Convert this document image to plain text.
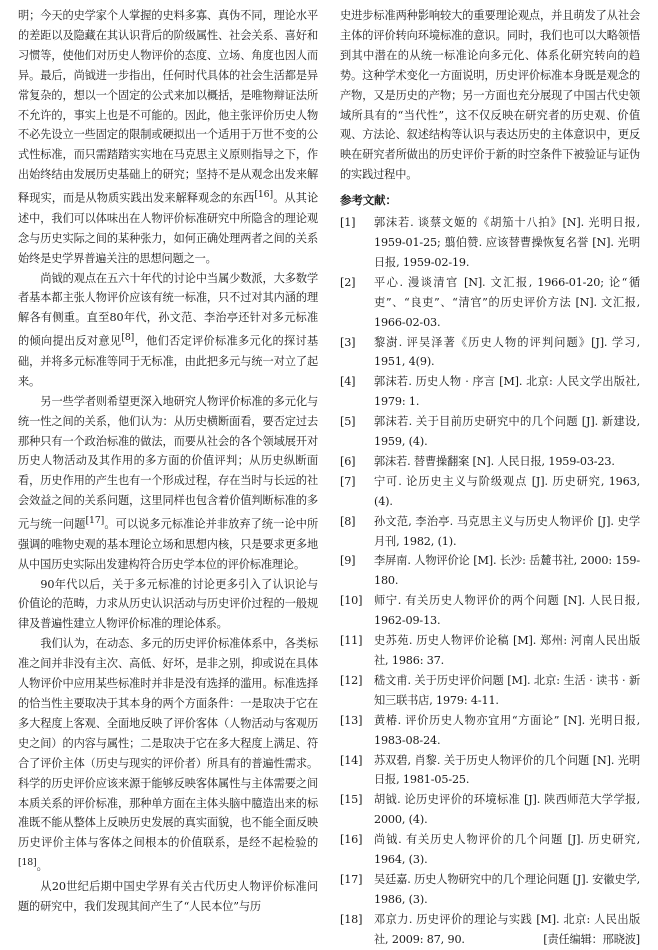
明；今天的史学家个人掌握的史料多寡、真伪不同，理论水平的差距以及隐藏在其认识背后的阶级属性、社会关系、喜好和习惯等，使他们对历史人物评价的态度、立场、角度也因人而异。最后，尚钺进一步指出，任何时代具体的社会生活都是异常复杂的，想以一个固定的公式来加以概括，是唯物辩证法所不允许的，事实上也是不可能的。因此，他主张评价历史人物不必先设立一些固定的限制或硬拟出一个适用于万世不变的公式性标准，而只需踏踏实实地在马克思主义原则指导之下，作出始终结由发展历史基础上的研究；坚持不是从观念出发来解释现实，而是从物质实践出发来解释观念的东西[16]。从其论述中，我们可以体味出在人物评价标准研究中所隐含的理论观念与历史实际之间的某种张力，如何正确处理两者之间的关系始终是史学界普遍关注的思想问题之一。

尚钺的观点在五六十年代的讨论中当属少数派，大多数学者基本都主张人物评价应该有统一标准，只不过对其内涵的理解各有侧重。直至80年代，孙文范、李治亭还针对多元标准的倾向提出反对意见[8]，他们否定评价标准多元化的探讨基础，并将多元标准等同于无标准，由此把多元与统一对立了起来。

另一些学者则希望更深入地研究人物评价标准的多元化与统一性之间的关系，他们认为：从历史横断面看，要否定过去那种只有一个政治标准的做法，而要从社会的各个领域展开对历史人物活动及其作用的多方面的价值评判；从历史纵断面看，历史作用的产生也有一个形成过程，存在当时与长远的社会效益之间的关系问题，这里同样也包含着价值判断标准的多元与统一问题[17]。可以说多元标准论并非放弃了统一论中所强调的唯物史观的基本理论立场和思想内核，只是要求更多地从中国历史实际出发建构符合历史学本位的评价标准理论。

90年代以后，关于多元标准的讨论更多引入了认识论与价值论的范畴，力求从历史认识活动与历史评价过程的一般规律及普遍性建立人物评价标准的理论体系。

我们认为，在动态、多元的历史评价标准体系中，各类标准之间并非没有主次、高低、好坏，是非之别，抑或说在具体人物评价中应用某些标准时并非是没有选择的滥用。标准选择的恰当性主要取决于其本身的两个方面条件：一是取决于它在多大程度上客观、全面地反映了评价客体（人物活动与客观历史之间）的内容与属性；二是取决于它在多大程度上满足、符合了评价主体（历史与现实的评价者）所具有的普遍性需求。科学的历史评价应该来源于能够反映客体属性与主体需要之间本质关系的评价标准，那种单方面在主体头脑中臆造出来的标准既不能从整体上反映历史发展的真实面貌，也不能全面反映历史评价主体与客体之间根本的价值联系，是经不起检验的[18]。

从20世纪后期中国史学界有关古代历史人物评价标准问题的研究中，我们发现其间产生了“人民本位”与历

史进步标准两种影响较大的重要理论观点，并且萌发了从社会主体的评价转向环境标准的意识。同时，我们也可以大略领悟到其中潜在的从统一标准论向多元化、体系化研究转向的趋势。这种学术变化一方面说明，历史评价标准本身既是观念的产物，又是历史的产物；另一方面也充分展现了中国古代史领域所具有的“当代性”，这不仅反映在研究者的历史观、价值观、方法论、叙述结构等认识与表达历史的主体意识中，更反映在研究者所做出的历史评价于新的时空条件下被验证与证伪的实践过程中。

参考文献：
[1]	郭沫若. 谈蔡文姬的《胡笳十八拍》[N]. 光明日报, 1959-01-25; 翦伯赞. 应该替曹操恢复名誉 [N]. 光明日报, 1959-02-19.
[2]	平心. 漫谈清官 [N]. 文汇报, 1966-01-20; 论“循吏”、“良吏”、“清官”的历史评价方法 [N]. 文汇报, 1966-02-03.
[3]	黎澍. 评吴泽著《历史人物的评判问题》[J]. 学习, 1951, 4(9).
[4]	郭沫若. 历史人物 · 序言 [M]. 北京: 人民文学出版社, 1979: 1.
[5]	郭沫若. 关于目前历史研究中的几个问题 [J]. 新建设, 1959, (4).
[6]	郭沫若. 替曹操翻案 [N]. 人民日报, 1959-03-23.
[7]	宁可. 论历史主义与阶级观点 [J]. 历史研究, 1963, (4).
[8]	孙文范, 李治亭. 马克思主义与历史人物评价 [J]. 史学月刊, 1982, (1).
[9]	李屏南. 人物评价论 [M]. 长沙: 岳麓书社, 2000: 159-180.
[10]	师宁. 有关历史人物评价的两个问题 [N]. 人民日报, 1962-09-13.
[11]	史苏苑. 历史人物评价论稿 [M]. 郑州: 河南人民出版社, 1986: 37.
[12]	嵇文甫. 关于历史评价问题 [M]. 北京: 生活 · 读书 · 新知三联书店, 1979: 4-11.
[13]	黄椿. 评价历史人物亦宜用“方面论” [N]. 光明日报, 1983-08-24.
[14]	苏双碧, 肖黎. 关于历史人物评价的几个问题 [N]. 光明日报, 1981-05-25.
[15]	胡钺. 论历史评价的环境标准 [J]. 陕西师范大学学报, 2000, (4).
[16]	尚钺. 有关历史人物评价的几个问题 [J]. 历史研究, 1964, (3).
[17]	吴廷嘉. 历史人物研究中的几个理论问题 [J]. 安徽史学, 1986, (3).
[18]	邓京力. 历史评价的理论与实践 [M]. 北京: 人民出版社, 2009: 87, 90.	[责任编辑：邢晓波]
